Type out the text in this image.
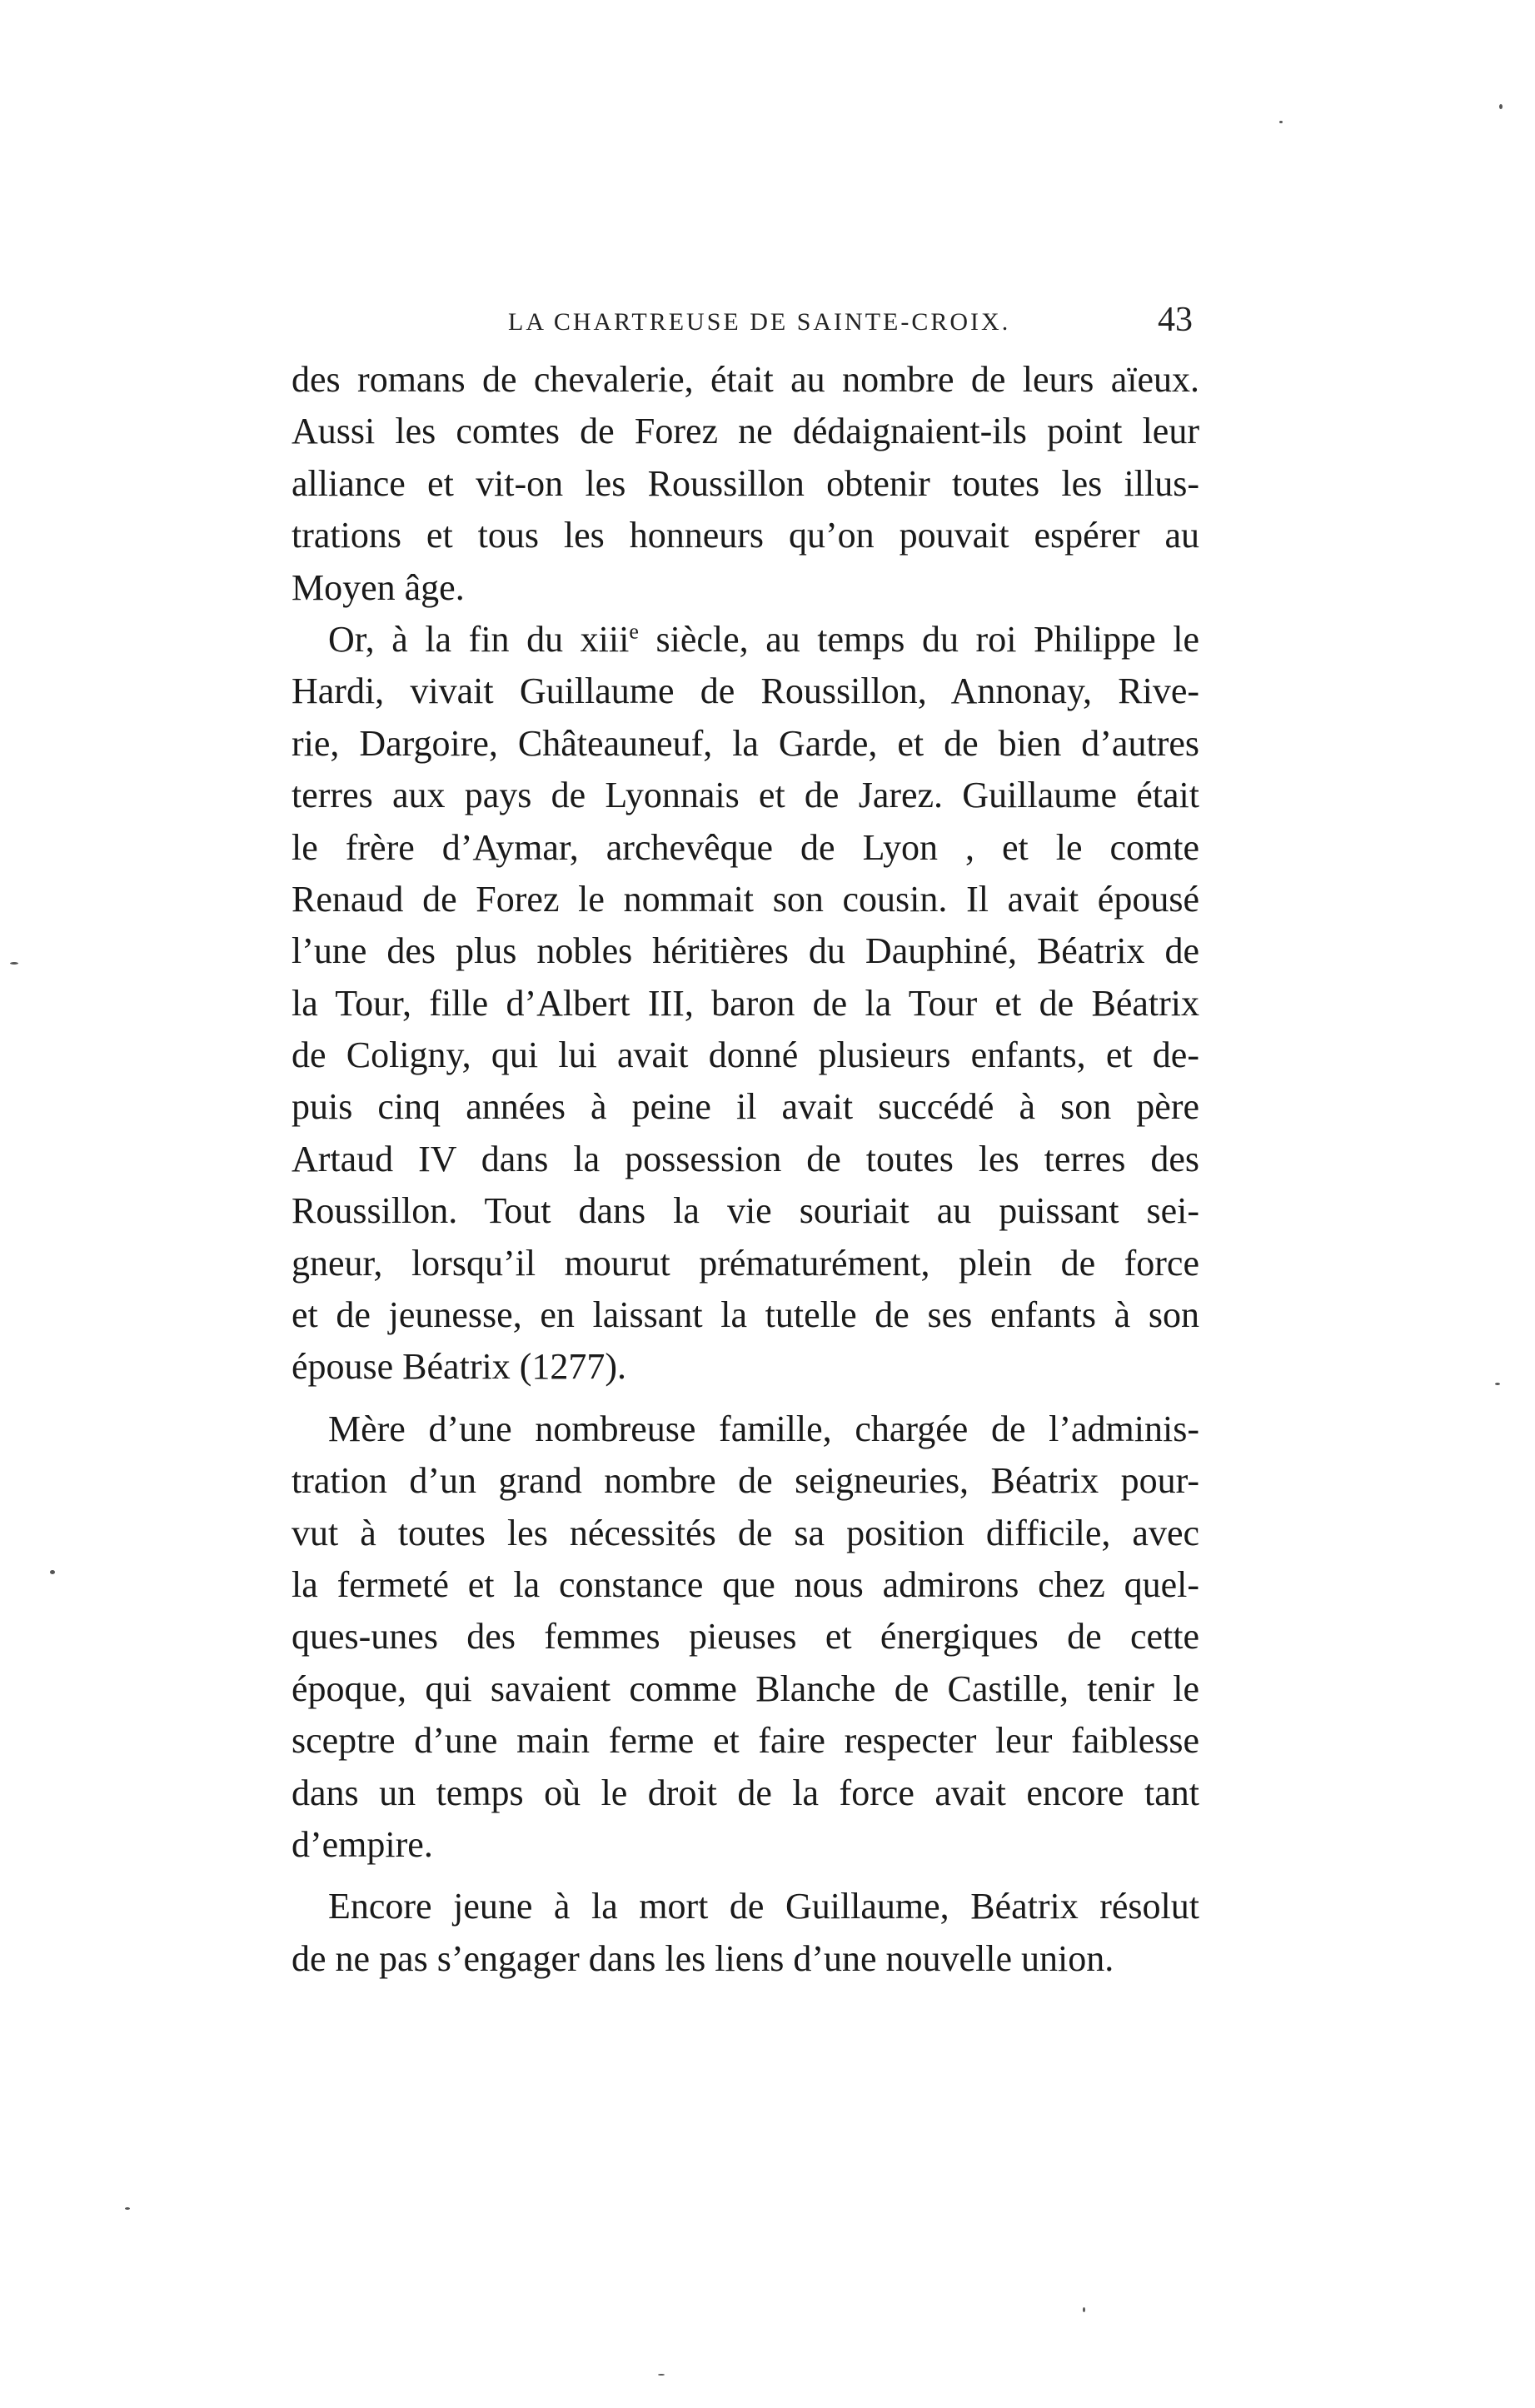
LA CHARTREUSE DE SAINTE-CROIX.	43
des romans de chevalerie, était au nombre de leurs aïeux.
Aussi les comtes de Forez ne dédaignaient-ils point leur
alliance et vit-on les Roussillon obtenir toutes les illus-
trations et tous les honneurs qu’on pouvait espérer au
Moyen âge.
Or, à la fin du xiii$^e$ siècle, au temps du roi Philippe le
Hardi, vivait Guillaume de Roussillon, Annonay, Rive-
rie, Dargoire, Châteauneuf, la Garde, et de bien d’autres
terres aux pays de Lyonnais et de Jarez. Guillaume était
le frère d’Aymar, archevêque de Lyon , et le comte
Renaud de Forez le nommait son cousin. Il avait épousé
l’une des plus nobles héritières du Dauphiné, Béatrix de
la Tour, fille d’Albert III, baron de la Tour et de Béatrix
de Coligny, qui lui avait donné plusieurs enfants, et de-
puis cinq années à peine il avait succédé à son père
Artaud IV dans la possession de toutes les terres des
Roussillon. Tout dans la vie souriait au puissant sei-
gneur, lorsqu’il mourut prématurément, plein de force
et de jeunesse, en laissant la tutelle de ses enfants à son
épouse Béatrix (1277).
Mère d’une nombreuse famille, chargée de l’adminis-
tration d’un grand nombre de seigneuries, Béatrix pour-
vut à toutes les nécessités de sa position difficile, avec
la fermeté et la constance que nous admirons chez quel-
ques-unes des femmes pieuses et énergiques de cette
époque, qui savaient comme Blanche de Castille, tenir le
sceptre d’une main ferme et faire respecter leur faiblesse
dans un temps où le droit de la force avait encore tant
d’empire.
Encore jeune à la mort de Guillaume, Béatrix résolut
de ne pas s’engager dans les liens d’une nouvelle union.
